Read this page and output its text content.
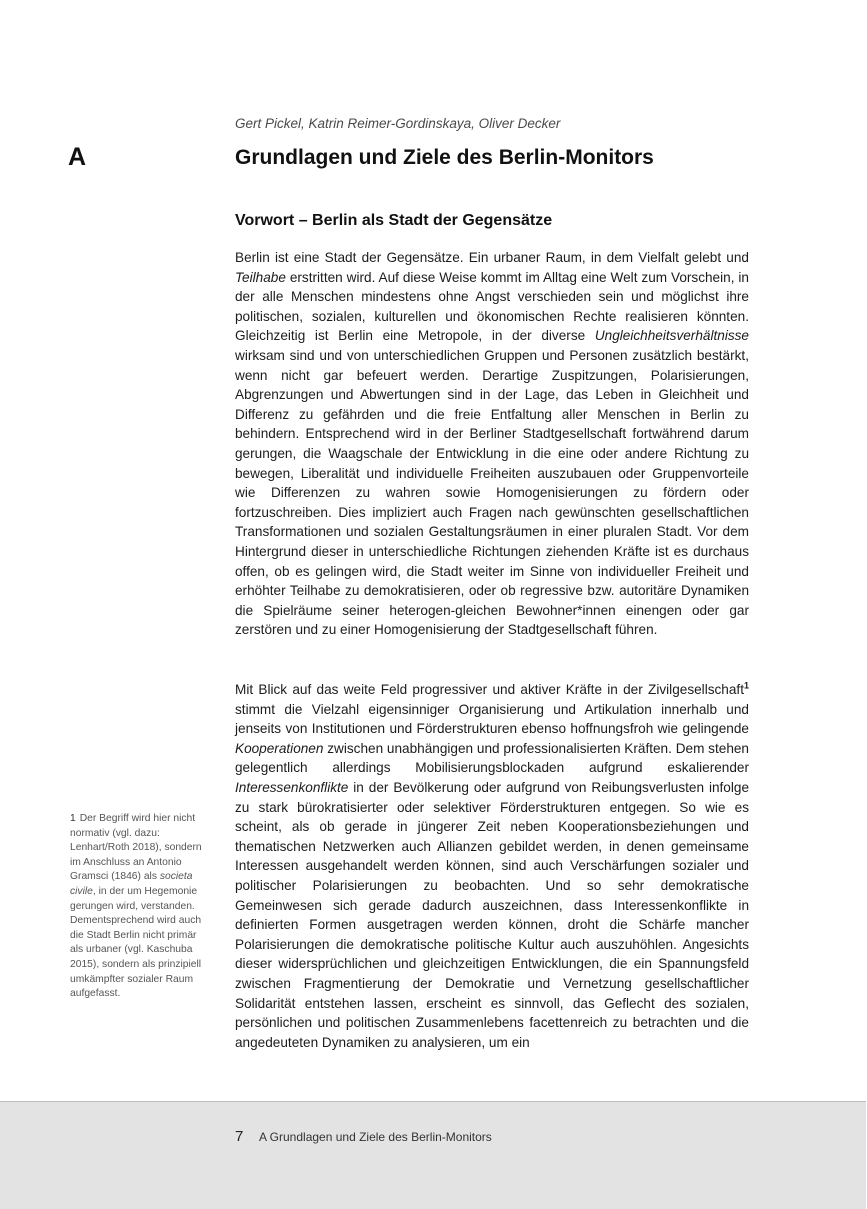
Gert Pickel, Katrin Reimer-Gordinskaya, Oliver Decker
A	Grundlagen und Ziele des Berlin-Monitors
Vorwort – Berlin als Stadt der Gegensätze

Berlin ist eine Stadt der Gegensätze. Ein urbaner Raum, in dem Vielfalt gelebt und Teilhabe erstritten wird. Auf diese Weise kommt im Alltag eine Welt zum Vorschein, in der alle Menschen mindestens ohne Angst verschieden sein und möglichst ihre politischen, sozialen, kulturellen und ökonomischen Rechte realisieren könnten. Gleichzeitig ist Berlin eine Metropole, in der diverse Ungleichheitsverhältnisse wirksam sind und von unterschiedlichen Gruppen und Personen zusätzlich bestärkt, wenn nicht gar befeuert werden. Derartige Zuspitzungen, Polarisierungen, Abgrenzungen und Abwertungen sind in der Lage, das Leben in Gleichheit und Differenz zu gefährden und die freie Entfaltung aller Menschen in Berlin zu behindern. Entsprechend wird in der Berliner Stadtgesellschaft fortwährend darum gerungen, die Waagschale der Entwicklung in die eine oder andere Richtung zu bewegen, Liberalität und individuelle Freiheiten auszubauen oder Gruppenvorteile wie Differenzen zu wahren sowie Homogenisierungen zu fördern oder fortzuschreiben. Dies impliziert auch Fragen nach gewünschten gesellschaftlichen Transformationen und sozialen Gestaltungsräumen in einer pluralen Stadt. Vor dem Hintergrund dieser in unterschiedliche Richtungen ziehenden Kräfte ist es durchaus offen, ob es gelingen wird, die Stadt weiter im Sinne von individueller Freiheit und erhöhter Teilhabe zu demokratisieren, oder ob regressive bzw. autoritäre Dynamiken die Spielräume seiner heterogen-gleichen Bewohner*innen einengen oder gar zerstören und zu einer Homogenisierung der Stadtgesellschaft führen.

Mit Blick auf das weite Feld progressiver und aktiver Kräfte in der Zivilgesellschaft$^1$ stimmt die Vielzahl eigensinniger Organisierung und Artikulation innerhalb und jenseits von Institutionen und Förderstrukturen ebenso hoffnungsfroh wie gelingende Kooperationen zwischen unabhängigen und professionalisierten Kräften. Dem stehen gelegentlich allerdings Mobilisierungsblockaden aufgrund eskalierender Interessenkonflikte in der Bevölkerung oder aufgrund von Reibungsverlusten infolge zu stark bürokratisierter oder selektiver Förderstrukturen entgegen. So wie es scheint, als ob gerade in jüngerer Zeit neben Kooperationsbeziehungen und thematischen Netzwerken auch Allianzen gebildet werden, in denen gemeinsame Interessen ausgehandelt werden können, sind auch Verschärfungen sozialer und politischer Polarisierungen zu beobachten. Und so sehr demokratische Gemeinwesen sich gerade dadurch auszeichnen, dass Interessenkonflikte in definierten Formen ausgetragen werden können, droht die Schärfe mancher Polarisierungen die demokratische politische Kultur auch auszuhöhlen. Angesichts dieser widersprüchlichen und gleichzeitigen Entwicklungen, die ein Spannungsfeld zwischen Fragmentierung der Demokratie und Vernetzung gesellschaftlicher Solidarität entstehen lassen, erscheint es sinnvoll, das Geflecht des sozialen, persönlichen und politischen Zusammenlebens facettenreich zu betrachten und die angedeuteten Dynamiken zu analysieren, um ein

1 Der Begriff wird hier nicht normativ (vgl. dazu: Lenhart/Roth 2018), sondern im Anschluss an Antonio Gramsci (1846) als societa civile, in der um Hegemonie gerungen wird, verstanden. Dementsprechend wird auch die Stadt Berlin nicht primär als urbaner (vgl. Kaschuba 2015), sondern als prinzipiell umkämpfter sozialer Raum aufgefasst.
7 A Grundlagen und Ziele des Berlin-Monitors
